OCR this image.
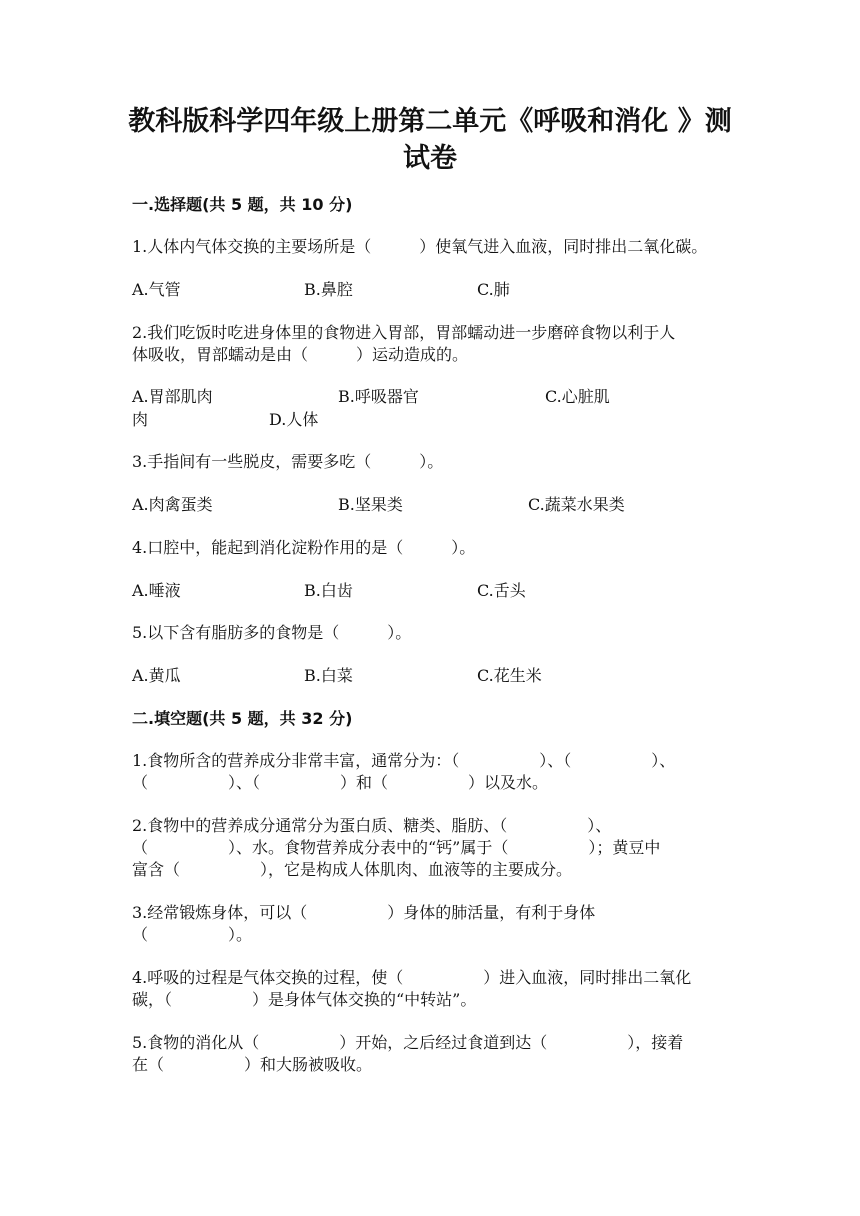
教科版科学四年级上册第二单元《呼吸和消化 》测
试卷
一.选择题(共 5 题，共 10 分)
1.人体内气体交换的主要场所是（　　　）使氧气进入血液，同时排出二氧化碳。
A.气管	B.鼻腔	C.肺
2.我们吃饭时吃进身体里的食物进入胃部，胃部蠕动进一步磨碎食物以利于人
体吸收，胃部蠕动是由（　　　）运动造成的。
A.胃部肌肉	B.呼吸器官	C.心脏肌
肉	D.人体
3.手指间有一些脱皮，需要多吃（　　　）。
A.肉禽蛋类	B.坚果类	C.蔬菜水果类
4.口腔中，能起到消化淀粉作用的是（　　　）。
A.唾液	B.白齿	C.舌头
5.以下含有脂肪多的食物是（　　　）。
A.黄瓜	B.白菜	C.花生米
二.填空题(共 5 题，共 32 分)
1.食物所含的营养成分非常丰富，通常分为：（　　　　　）、（　　　　　）、
（　　　　　）、（　　　　　）和（　　　　　）以及水。
2.食物中的营养成分通常分为蛋白质、糖类、脂肪、（　　　　　）、
（　　　　　）、水。食物营养成分表中的“钙”属于（　　　　　）；黄豆中
富含（　　　　　），它是构成人体肌肉、血液等的主要成分。
3.经常锻炼身体，可以（　　　　　）身体的肺活量，有利于身体
（　　　　　）。
4.呼吸的过程是气体交换的过程，使（　　　　　）进入血液，同时排出二氧化
碳，（　　　　　）是身体气体交换的“中转站”。
5.食物的消化从（　　　　　）开始，之后经过食道到达（　　　　　），接着
在（　　　　　）和大肠被吸收。
